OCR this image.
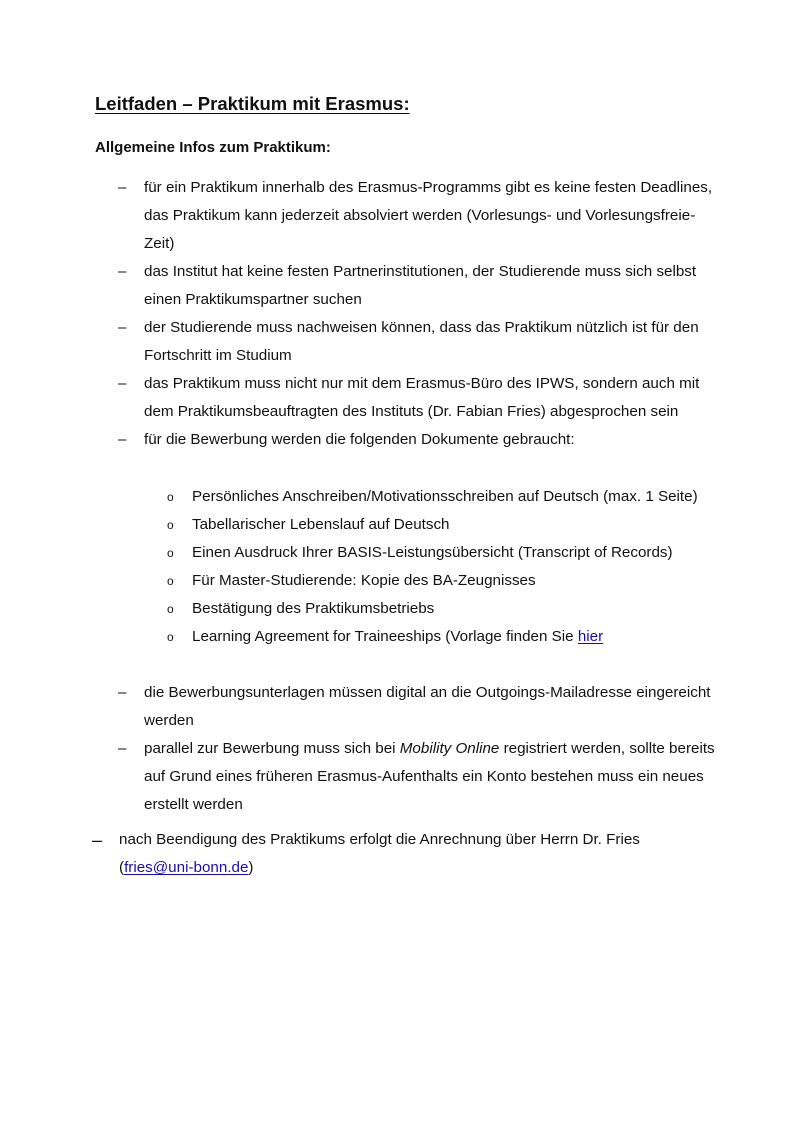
Leitfaden – Praktikum mit Erasmus:
Allgemeine Infos zum Praktikum:
–	für ein Praktikum innerhalb des Erasmus-Programms gibt es keine festen Deadlines, das Praktikum kann jederzeit absolviert werden (Vorlesungs- und Vorlesungsfreie-Zeit)
–	das Institut hat keine festen Partnerinstitutionen, der Studierende muss sich selbst einen Praktikumspartner suchen
–	der Studierende muss nachweisen können, dass das Praktikum nützlich ist für den Fortschritt im Studium
–	das Praktikum muss nicht nur mit dem Erasmus-Büro des IPWS, sondern auch mit dem Praktikumsbeauftragten des Instituts (Dr. Fabian Fries) abgesprochen sein
–	für die Bewerbung werden die folgenden Dokumente gebraucht:
o	Persönliches Anschreiben/Motivationsschreiben auf Deutsch (max. 1 Seite)
o	Tabellarischer Lebenslauf auf Deutsch
o	Einen Ausdruck Ihrer BASIS-Leistungsübersicht (Transcript of Records)
o	Für Master-Studierende: Kopie des BA-Zeugnisses
o	Bestätigung des Praktikumsbetriebs
o	Learning Agreement for Traineeships (Vorlage finden Sie hier
–	die Bewerbungsunterlagen müssen digital an die Outgoings-Mailadresse eingereicht werden
–	parallel zur Bewerbung muss sich bei Mobility Online registriert werden, sollte bereits auf Grund eines früheren Erasmus-Aufenthalts ein Konto bestehen muss ein neues erstellt werden
–	nach Beendigung des Praktikums erfolgt die Anrechnung über Herrn Dr. Fries (fries@uni-bonn.de)
